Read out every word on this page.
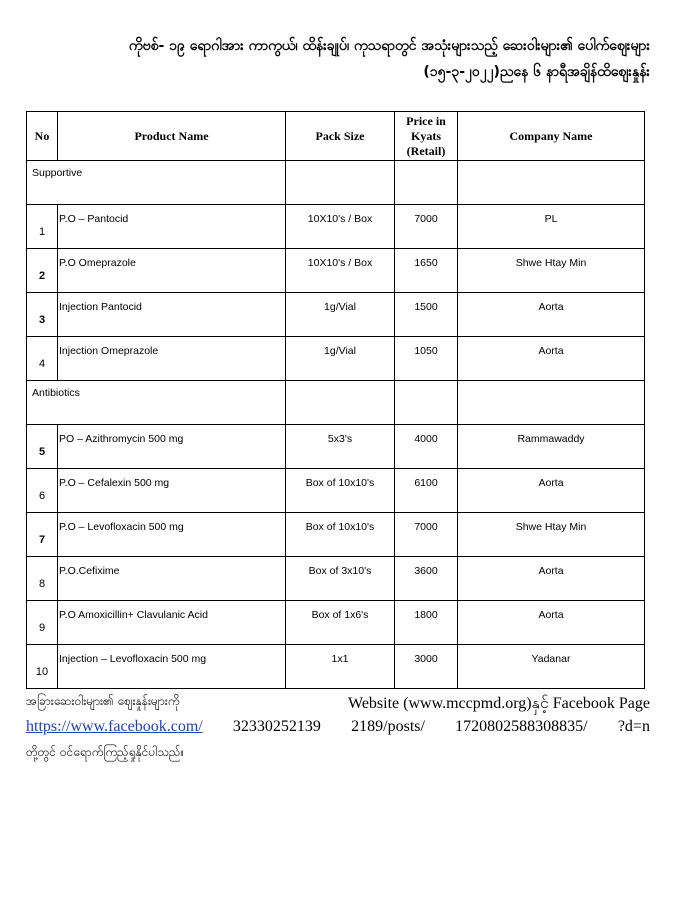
ကိုဗစ်- ၁၉ ရောဂါအား ကာကွယ်၊ ထိန်းချုပ်၊ ကုသရာတွင် အသုံးများသည့် ဆေးဝါးများ၏ ပေါက်စျေးများ
(၁၅-၃-၂၀၂၂)ညနေ ၆ နာရီအချိန်ထိစျေးနှုန်း
No	Product Name	Pack Size	Price in Kyats (Retail)	Company Name
Supportive				
1	P.O – Pantocid	10X10's / Box	7000	PL
2	P.O Omeprazole	10X10's / Box	1650	Shwe Htay Min
3	Injection Pantocid	1g/Vial	1500	Aorta
4	Injection Omeprazole	1g/Vial	1050	Aorta
Antibiotics				
5	PO – Azithromycin 500 mg	5x3's	4000	Rammawaddy
6	P.O – Cefalexin 500 mg	Box of 10x10's	6100	Aorta
7	P.O – Levofloxacin 500 mg	Box of 10x10's	7000	Shwe Htay Min
8	P.O.Cefixime	Box of 3x10's	3600	Aorta
9	P.O Amoxicillin+ Clavulanic Acid	Box of 1x6's	1800	Aorta
10	Injection – Levofloxacin 500 mg	1x1	3000	Yadanar
အခြားဆေးဝါးများ၏ ဈေးနှုန်းများကို	Website (www.mccpmd.org)နှင့် Facebook Page
https://www.facebook.com/ 32330252139 2189/posts/ 1720802588308835/ ?d=n
တို့တွင် ဝင်ရောက်ကြည့်ရှုနိုင်ပါသည်။
